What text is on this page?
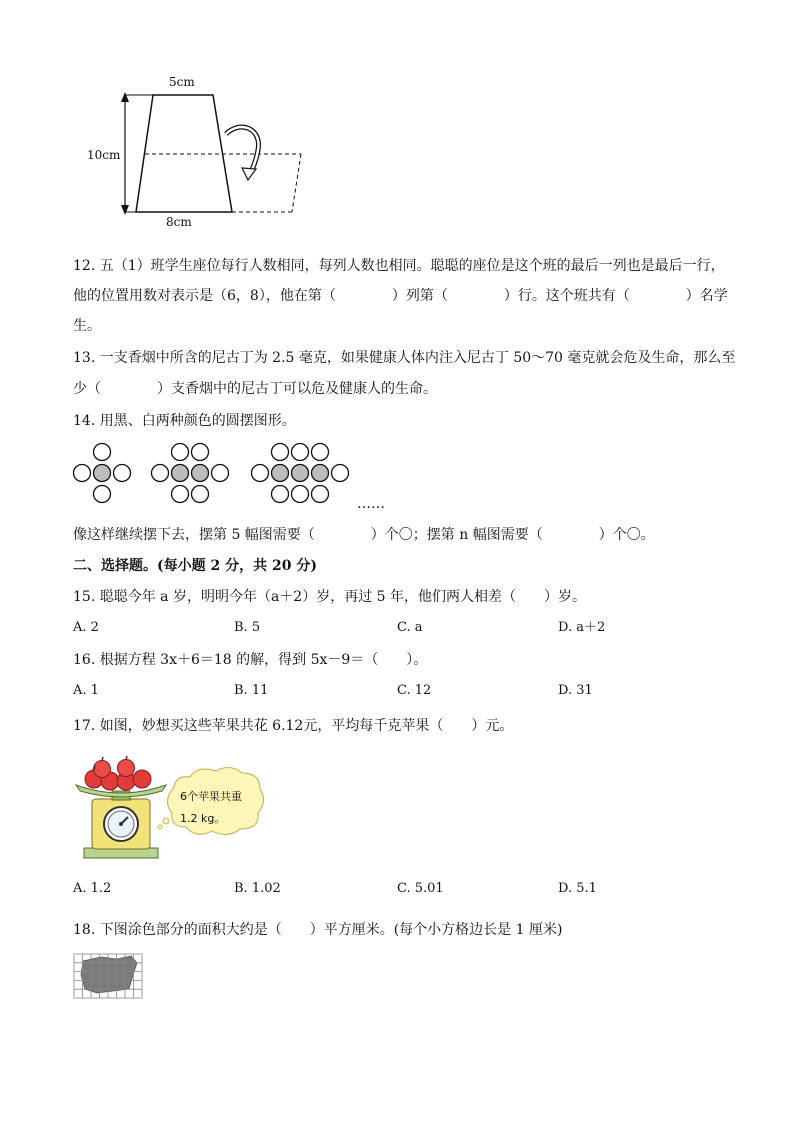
5cm
10cm
8cm
12. 五（1）班学生座位每行人数相同，每列人数也相同。聪聪的座位是这个班的最后一列也是最后一行，
他的位置用数对表示是（6，8），他在第（　　　　）列第（　　　　）行。这个班共有（　　　　）名学
生。
13. 一支香烟中所含的尼古丁为 2.5 毫克，如果健康人体内注入尼古丁 50～70 毫克就会危及生命，那么至
少（　　　　）支香烟中的尼古丁可以危及健康人的生命。
14. 用黑、白两种颜色的圆摆图形。
……
像这样继续摆下去，摆第 5 幅图需要（　　　　）个〇；摆第 n 幅图需要（　　　　）个〇。
二、选择题。(每小题 2 分，共 20 分)
15. 聪聪今年 a 岁，明明今年（a＋2）岁，再过 5 年，他们两人相差（　　）岁。
A. 2	B. 5	C. a	D. a＋2
16. 根据方程 3x＋6＝18 的解，得到 5x－9＝（　　）。
A. 1	B. 11	C. 12	D. 31
17. 如图，妙想买这些苹果共花 6.12元，平均每千克苹果（　　）元。
6个苹果共重
1.2 kg。
A. 1.2	B. 1.02	C. 5.01	D. 5.1
18. 下图涂色部分的面积大约是（　　）平方厘米。(每个小方格边长是 1 厘米)
